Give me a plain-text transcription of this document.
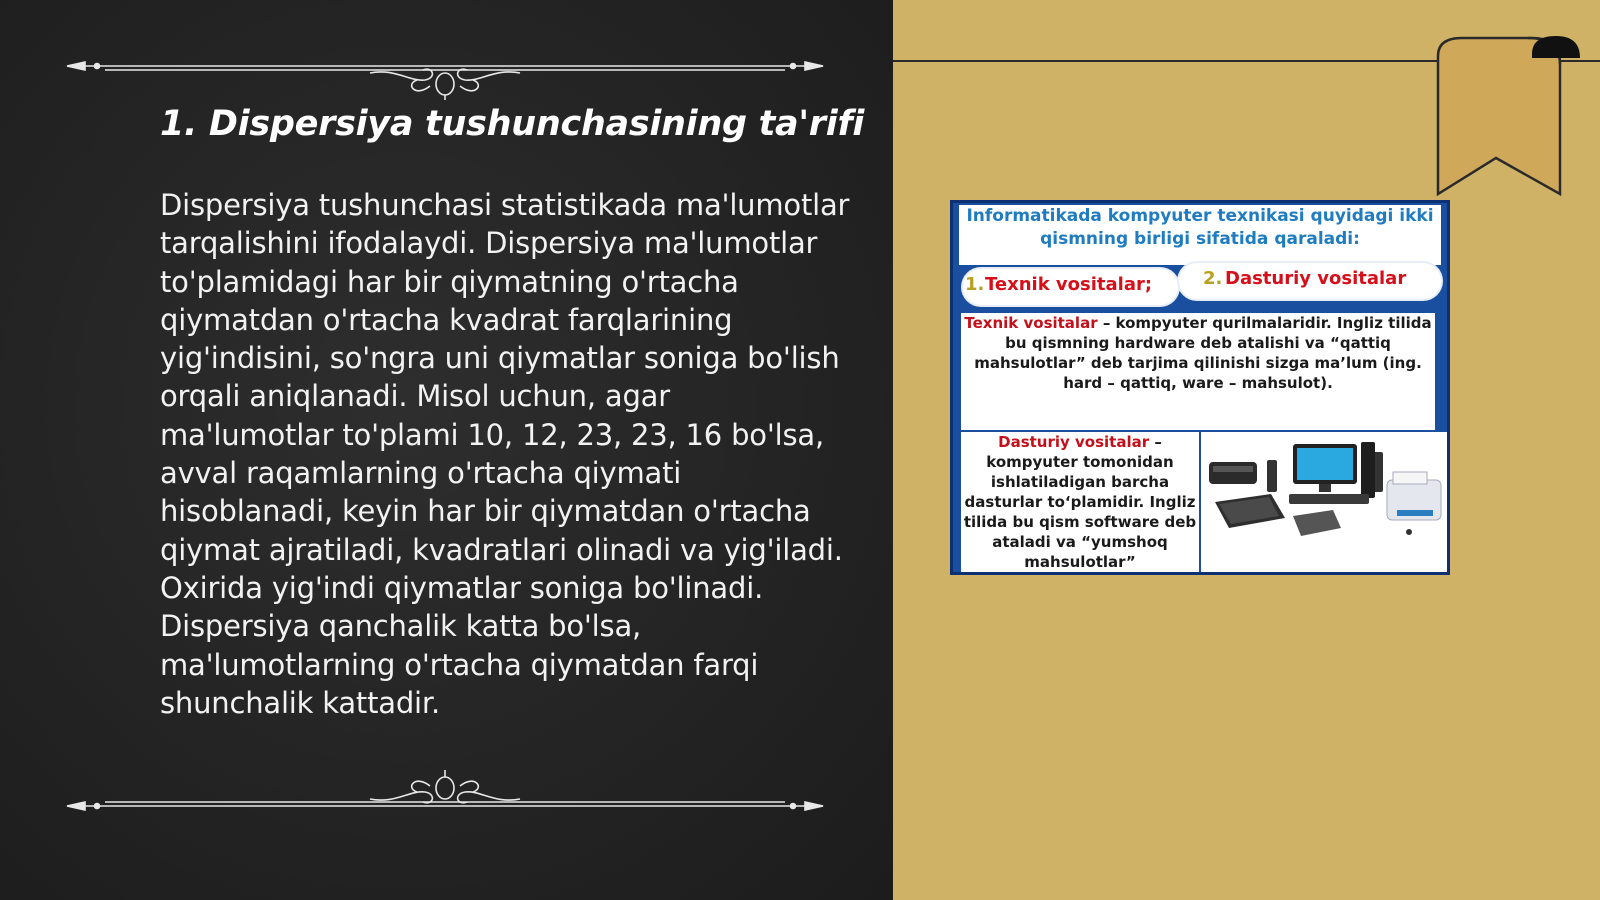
1. Dispersiya tushunchasining ta'rifi

Dispersiya tushunchasi statistikada ma'lumotlar tarqalishini ifodalaydi. Dispersiya ma'lumotlar to'plamidagi har bir qiymatning o'rtacha qiymatdan o'rtacha kvadrat farqlarining yig'indisini, so'ngra uni qiymatlar soniga bo'lish orqali aniqlanadi. Misol uchun, agar ma'lumotlar to'plami 10, 12, 23, 23, 16 bo'lsa, avval raqamlarning o'rtacha qiymati hisoblanadi, keyin har bir qiymatdan o'rtacha qiymat ajratiladi, kvadratlari olinadi va yig'iladi. Oxirida yig'indi qiymatlar soniga bo'linadi. Dispersiya qanchalik katta bo'lsa, ma'lumotlarning o'rtacha qiymatdan farqi shunchalik kattadir.

Informatikada kompyuter texnikasi quyidagi ikki qismning birligi sifatida qaraladi:
1. Texnik vositalar;	2. Dasturiy vositalar
Texnik vositalar – kompyuter qurilmalaridir. Ingliz tilida bu qismning hardware deb atalishi va “qattiq mahsulotlar” deb tarjima qilinishi sizga ma’lum (ing. hard – qattiq, ware – mahsulot).
Dasturiy vositalar – kompyuter tomonidan ishlatiladigan barcha dasturlar to‘plamidir. Ingliz tilida bu qism software deb ataladi va “yumshoq mahsulotlar”
